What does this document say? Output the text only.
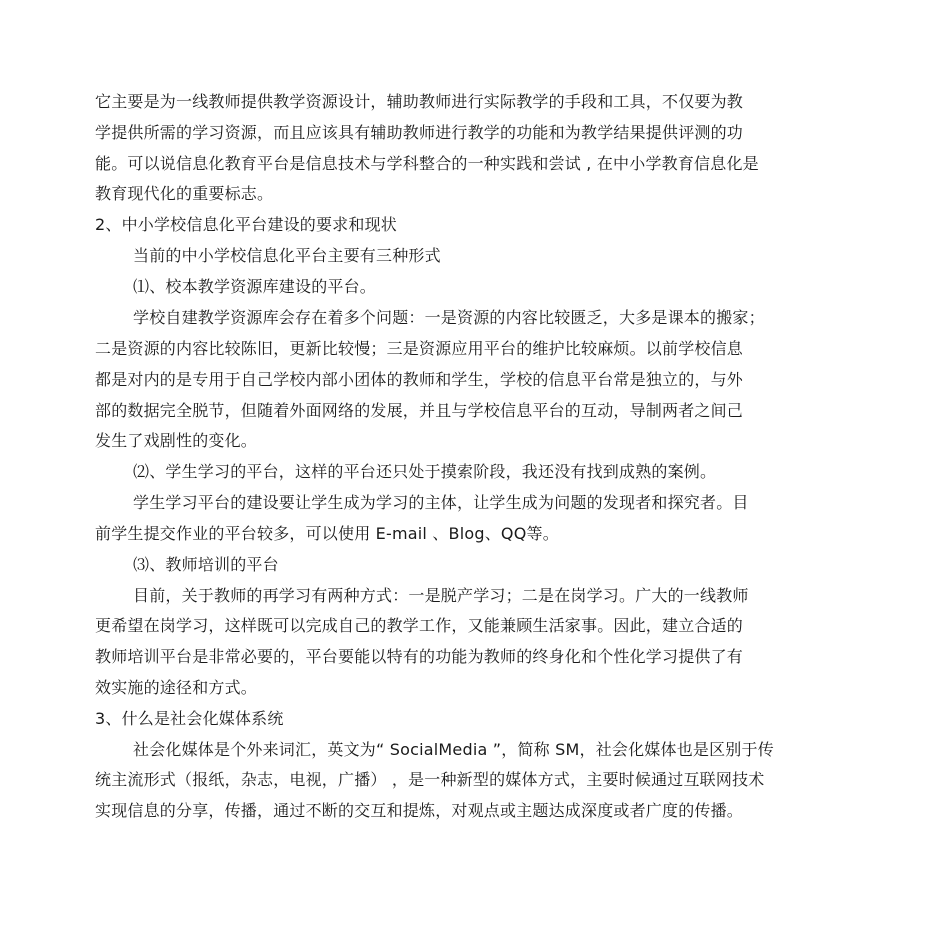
它主要是为一线教师提供教学资源设计，辅助教师进行实际教学的手段和工具，不仅要为教
学提供所需的学习资源，而且应该具有辅助教师进行教学的功能和为教学结果提供评测的功
能。可以说信息化教育平台是信息技术与学科整合的一种实践和尝试 , 在中小学教育信息化是
教育现代化的重要标志。
2、中小学校信息化平台建设的要求和现状
当前的中小学校信息化平台主要有三种形式
⑴、校本教学资源库建设的平台。
学校自建教学资源库会存在着多个问题：一是资源的内容比较匮乏，大多是课本的搬家；
二是资源的内容比较陈旧，更新比较慢；三是资源应用平台的维护比较麻烦。以前学校信息
都是对内的是专用于自己学校内部小团体的教师和学生，学校的信息平台常是独立的，与外
部的数据完全脱节，但随着外面网络的发展，并且与学校信息平台的互动，导制两者之间己
发生了戏剧性的变化。
⑵、学生学习的平台，这样的平台还只处于摸索阶段，我还没有找到成熟的案例。
学生学习平台的建设要让学生成为学习的主体，让学生成为问题的发现者和探究者。目
前学生提交作业的平台较多，可以使用 E-mail 、Blog、QQ等。
⑶、教师培训的平台
目前，关于教师的再学习有两种方式：一是脱产学习；二是在岗学习。广大的一线教师
更希望在岗学习，这样既可以完成自己的教学工作，又能兼顾生活家事。因此，建立合适的
教师培训平台是非常必要的，平台要能以特有的功能为教师的终身化和个性化学习提供了有
效实施的途径和方式。
3、什么是社会化媒体系统
社会化媒体是个外来词汇，英文为“ SocialMedia ”，简称 SM，社会化媒体也是区别于传
统主流形式（报纸，杂志，电视，广播） ，是一种新型的媒体方式，主要时候通过互联网技术
实现信息的分享，传播，通过不断的交互和提炼，对观点或主题达成深度或者广度的传播。
